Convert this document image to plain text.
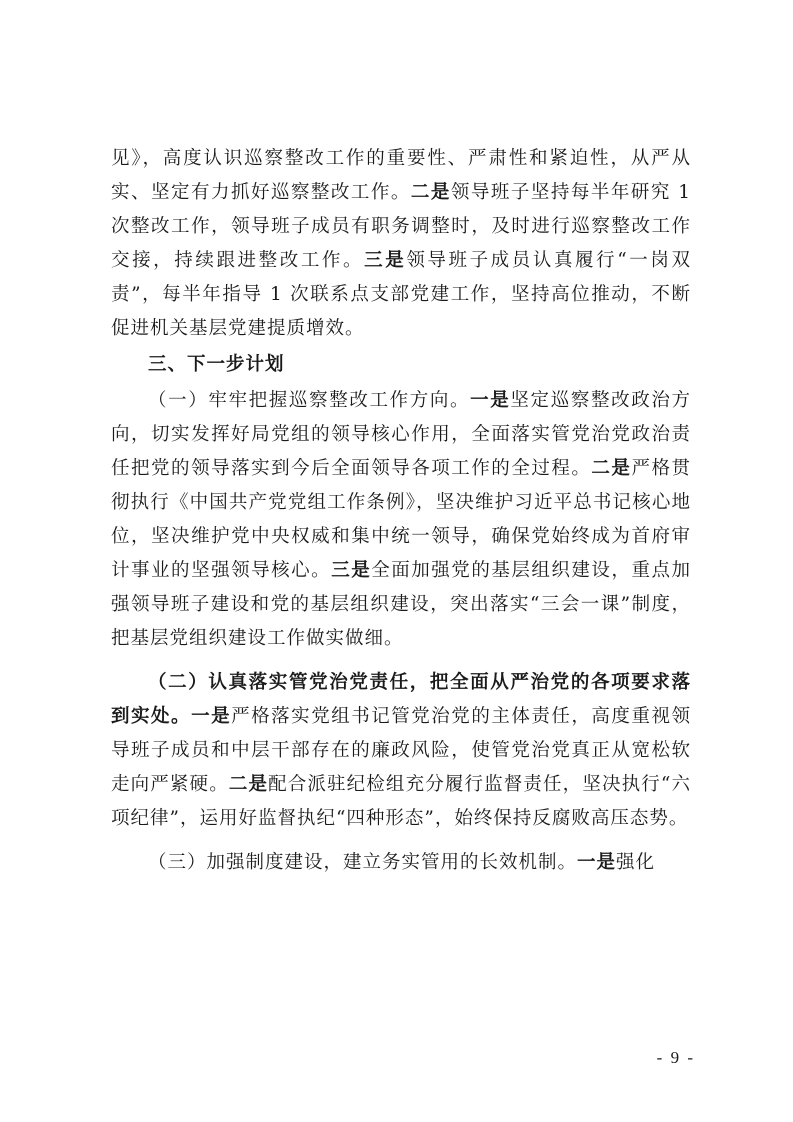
见》，高度认识巡察整改工作的重要性、严肃性和紧迫性，从严从实、坚定有力抓好巡察整改工作。二是领导班子坚持每半年研究 1 次整改工作，领导班子成员有职务调整时，及时进行巡察整改工作交接，持续跟进整改工作。三是领导班子成员认真履行“一岗双责”，每半年指导 1 次联系点支部党建工作，坚持高位推动，不断促进机关基层党建提质增效。

三、下一步计划

（一）牢牢把握巡察整改工作方向。一是坚定巡察整改政治方向，切实发挥好局党组的领导核心作用，全面落实管党治党政治责任把党的领导落实到今后全面领导各项工作的全过程。二是严格贯彻执行《中国共产党党组工作条例》，坚决维护习近平总书记核心地位，坚决维护党中央权威和集中统一领导，确保党始终成为首府审计事业的坚强领导核心。三是全面加强党的基层组织建设，重点加强领导班子建设和党的基层组织建设，突出落实“三会一课”制度，把基层党组织建设工作做实做细。

（二）认真落实管党治党责任，把全面从严治党的各项要求落到实处。一是严格落实党组书记管党治党的主体责任，高度重视领导班子成员和中层干部存在的廉政风险，使管党治党真正从宽松软走向严紧硬。二是配合派驻纪检组充分履行监督责任，坚决执行“六项纪律”，运用好监督执纪“四种形态”，始终保持反腐败高压态势。

（三）加强制度建设，建立务实管用的长效机制。一是强化

- 9 -
